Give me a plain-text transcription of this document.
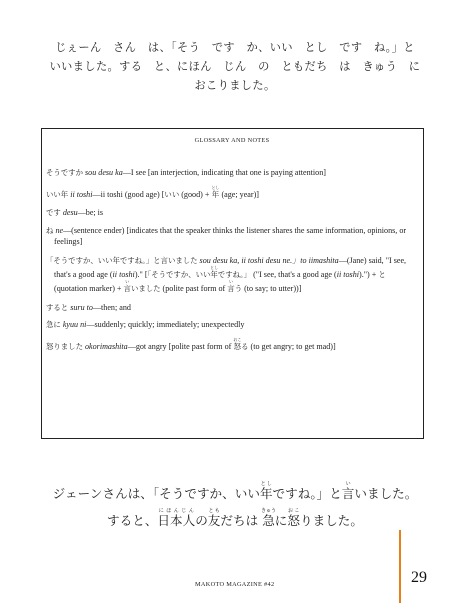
じぇーん　さん　は、「そう　です　か、いい　とし　です　ね。」と
いいました。する　と、にほん　じん　の　ともだち　は　きゅう　に
おこりました。
GLOSSARY AND NOTES
そうですか sou desu ka—I see [an interjection, indicating that one is paying attention]
いい年 ii toshi—ii toshi (good age) [いい (good) + 年とし (age; year)]
です desu—be; is
ね ne—(sentence ender) [indicates that the speaker thinks the listener shares the same information, opinions, or feelings]
「そうですか、いい年ですね。」と言いました sou desu ka, ii toshi desu ne.」to iimashita—(Jane) said, "I see, that's a good age (ii toshi)." [「そうですか、いい年としですね。」 ("I see, that's a good age (ii toshi).") + と (quotation marker) + 言いいました (polite past form of 言いう (to say; to utter))]
すると suru to—then; and
急に kyuu ni—suddenly; quickly; immediately; unexpectedly
怒りました okorimashita—got angry [polite past form of 怒おこる (to get angry; to get mad)]
ジェーンさんは、「そうですか、いい年としですね。」と言いいました。
すると、日本人にほんじんの友ともだちは 急きゅうに怒おこりました。
MAKOTO MAGAZINE #42	29
